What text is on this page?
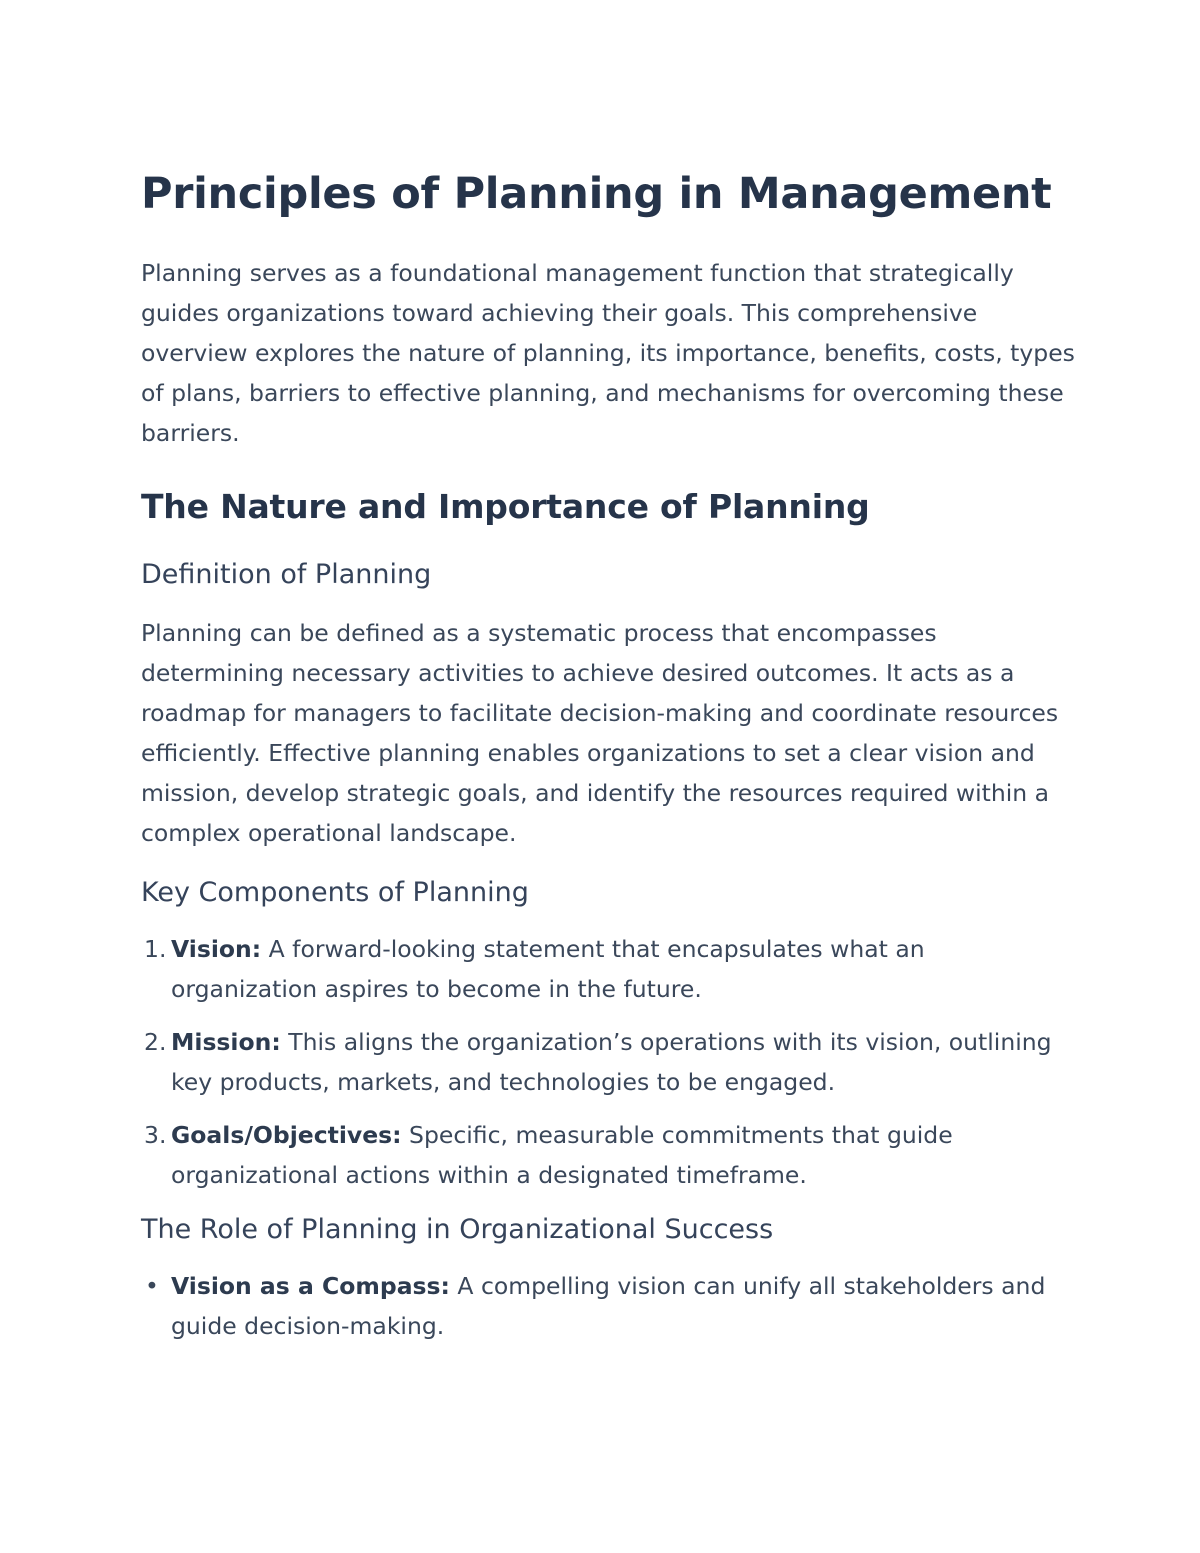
Principles of Planning in Management

Planning serves as a foundational management function that strategically guides organizations toward achieving their goals. This comprehensive overview explores the nature of planning, its importance, benefits, costs, types of plans, barriers to effective planning, and mechanisms for overcoming these barriers.

The Nature and Importance of Planning
Definition of Planning

Planning can be defined as a systematic process that encompasses determining necessary activities to achieve desired outcomes. It acts as a roadmap for managers to facilitate decision-making and coordinate resources efficiently. Effective planning enables organizations to set a clear vision and mission, develop strategic goals, and identify the resources required within a complex operational landscape.

Key Components of Planning
1. Vision: A forward-looking statement that encapsulates what an organization aspires to become in the future.
2. Mission: This aligns the organization’s operations with its vision, outlining key products, markets, and technologies to be engaged.
3. Goals/Objectives: Specific, measurable commitments that guide organizational actions within a designated timeframe.
The Role of Planning in Organizational Success
• Vision as a Compass: A compelling vision can unify all stakeholders and guide decision-making.
